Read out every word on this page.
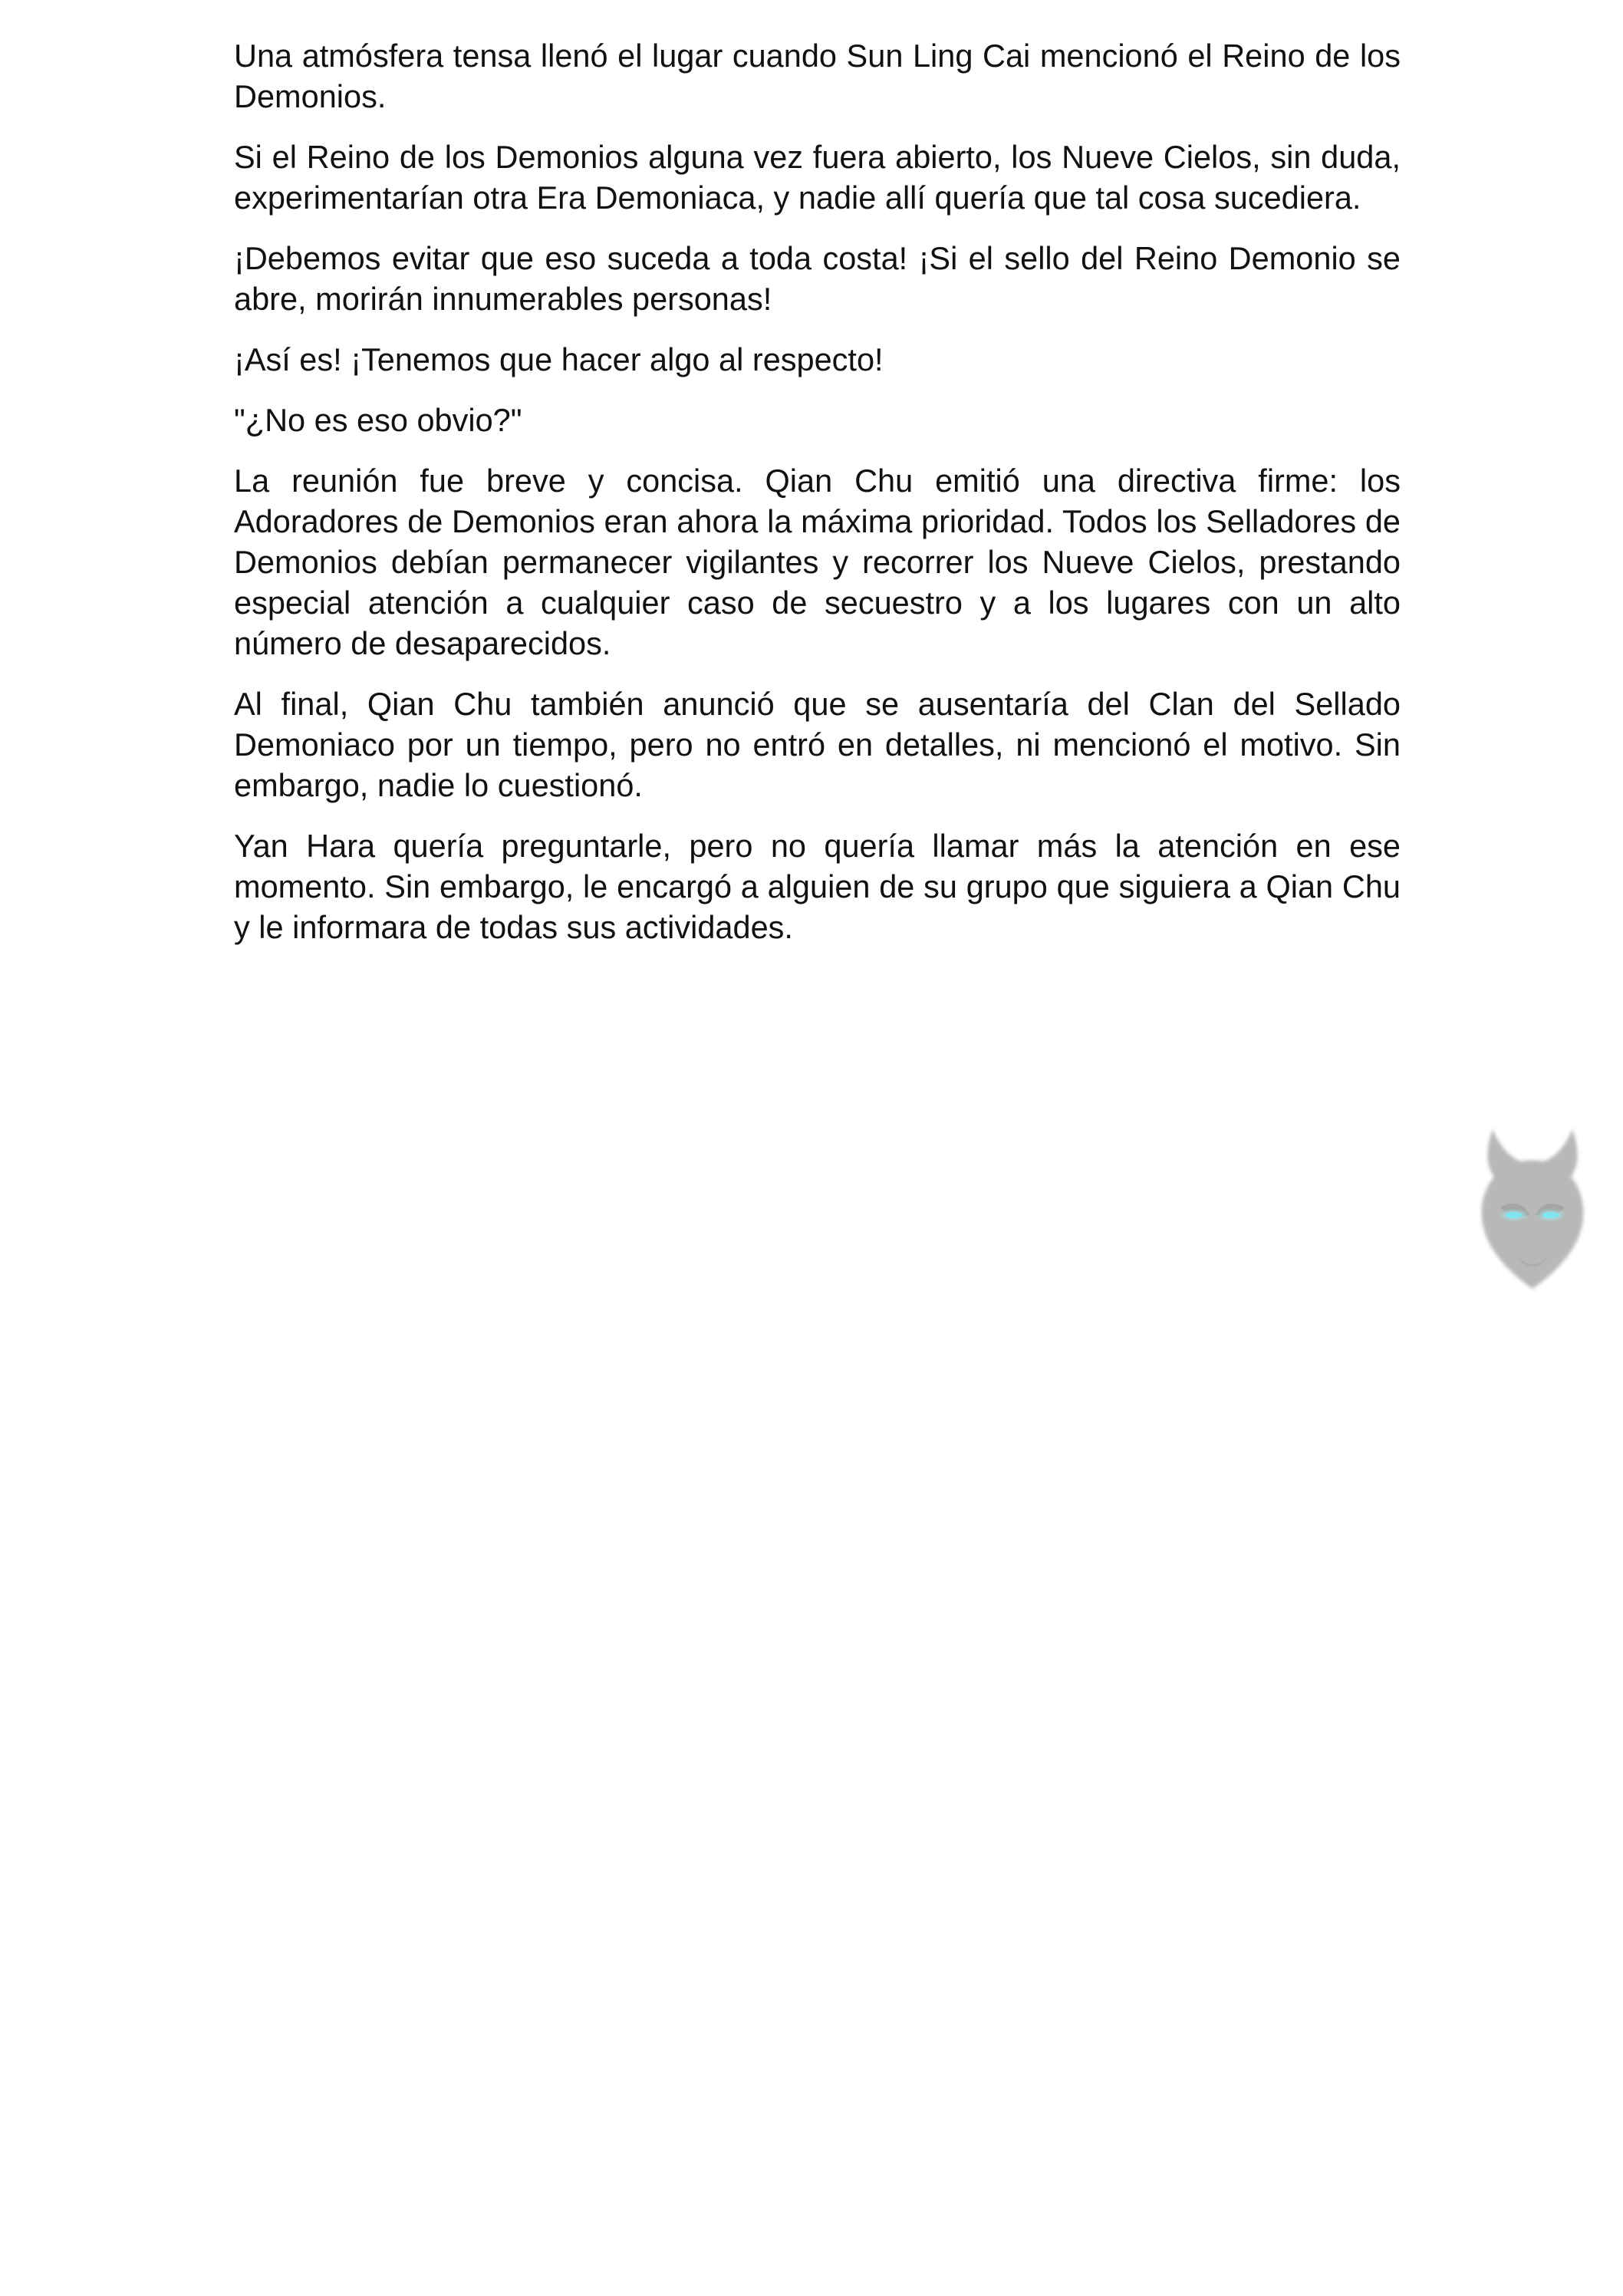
Una atmósfera tensa llenó el lugar cuando Sun Ling Cai mencionó el Reino de los Demonios.

Si el Reino de los Demonios alguna vez fuera abierto, los Nueve Cielos, sin duda, experimentarían otra Era Demoniaca, y nadie allí quería que tal cosa sucediera.

¡Debemos evitar que eso suceda a toda costa! ¡Si el sello del Reino Demonio se abre, morirán innumerables personas!

¡Así es! ¡Tenemos que hacer algo al respecto!

"¿No es eso obvio?"

La reunión fue breve y concisa. Qian Chu emitió una directiva firme: los Adoradores de Demonios eran ahora la máxima prioridad. Todos los Selladores de Demonios debían permanecer vigilantes y recorrer los Nueve Cielos, prestando especial atención a cualquier caso de secuestro y a los lugares con un alto número de desaparecidos.

Al final, Qian Chu también anunció que se ausentaría del Clan del Sellado Demoniaco por un tiempo, pero no entró en detalles, ni mencionó el motivo. Sin embargo, nadie lo cuestionó.

Yan Hara quería preguntarle, pero no quería llamar más la atención en ese momento. Sin embargo, le encargó a alguien de su grupo que siguiera a Qian Chu y le informara de todas sus actividades.
